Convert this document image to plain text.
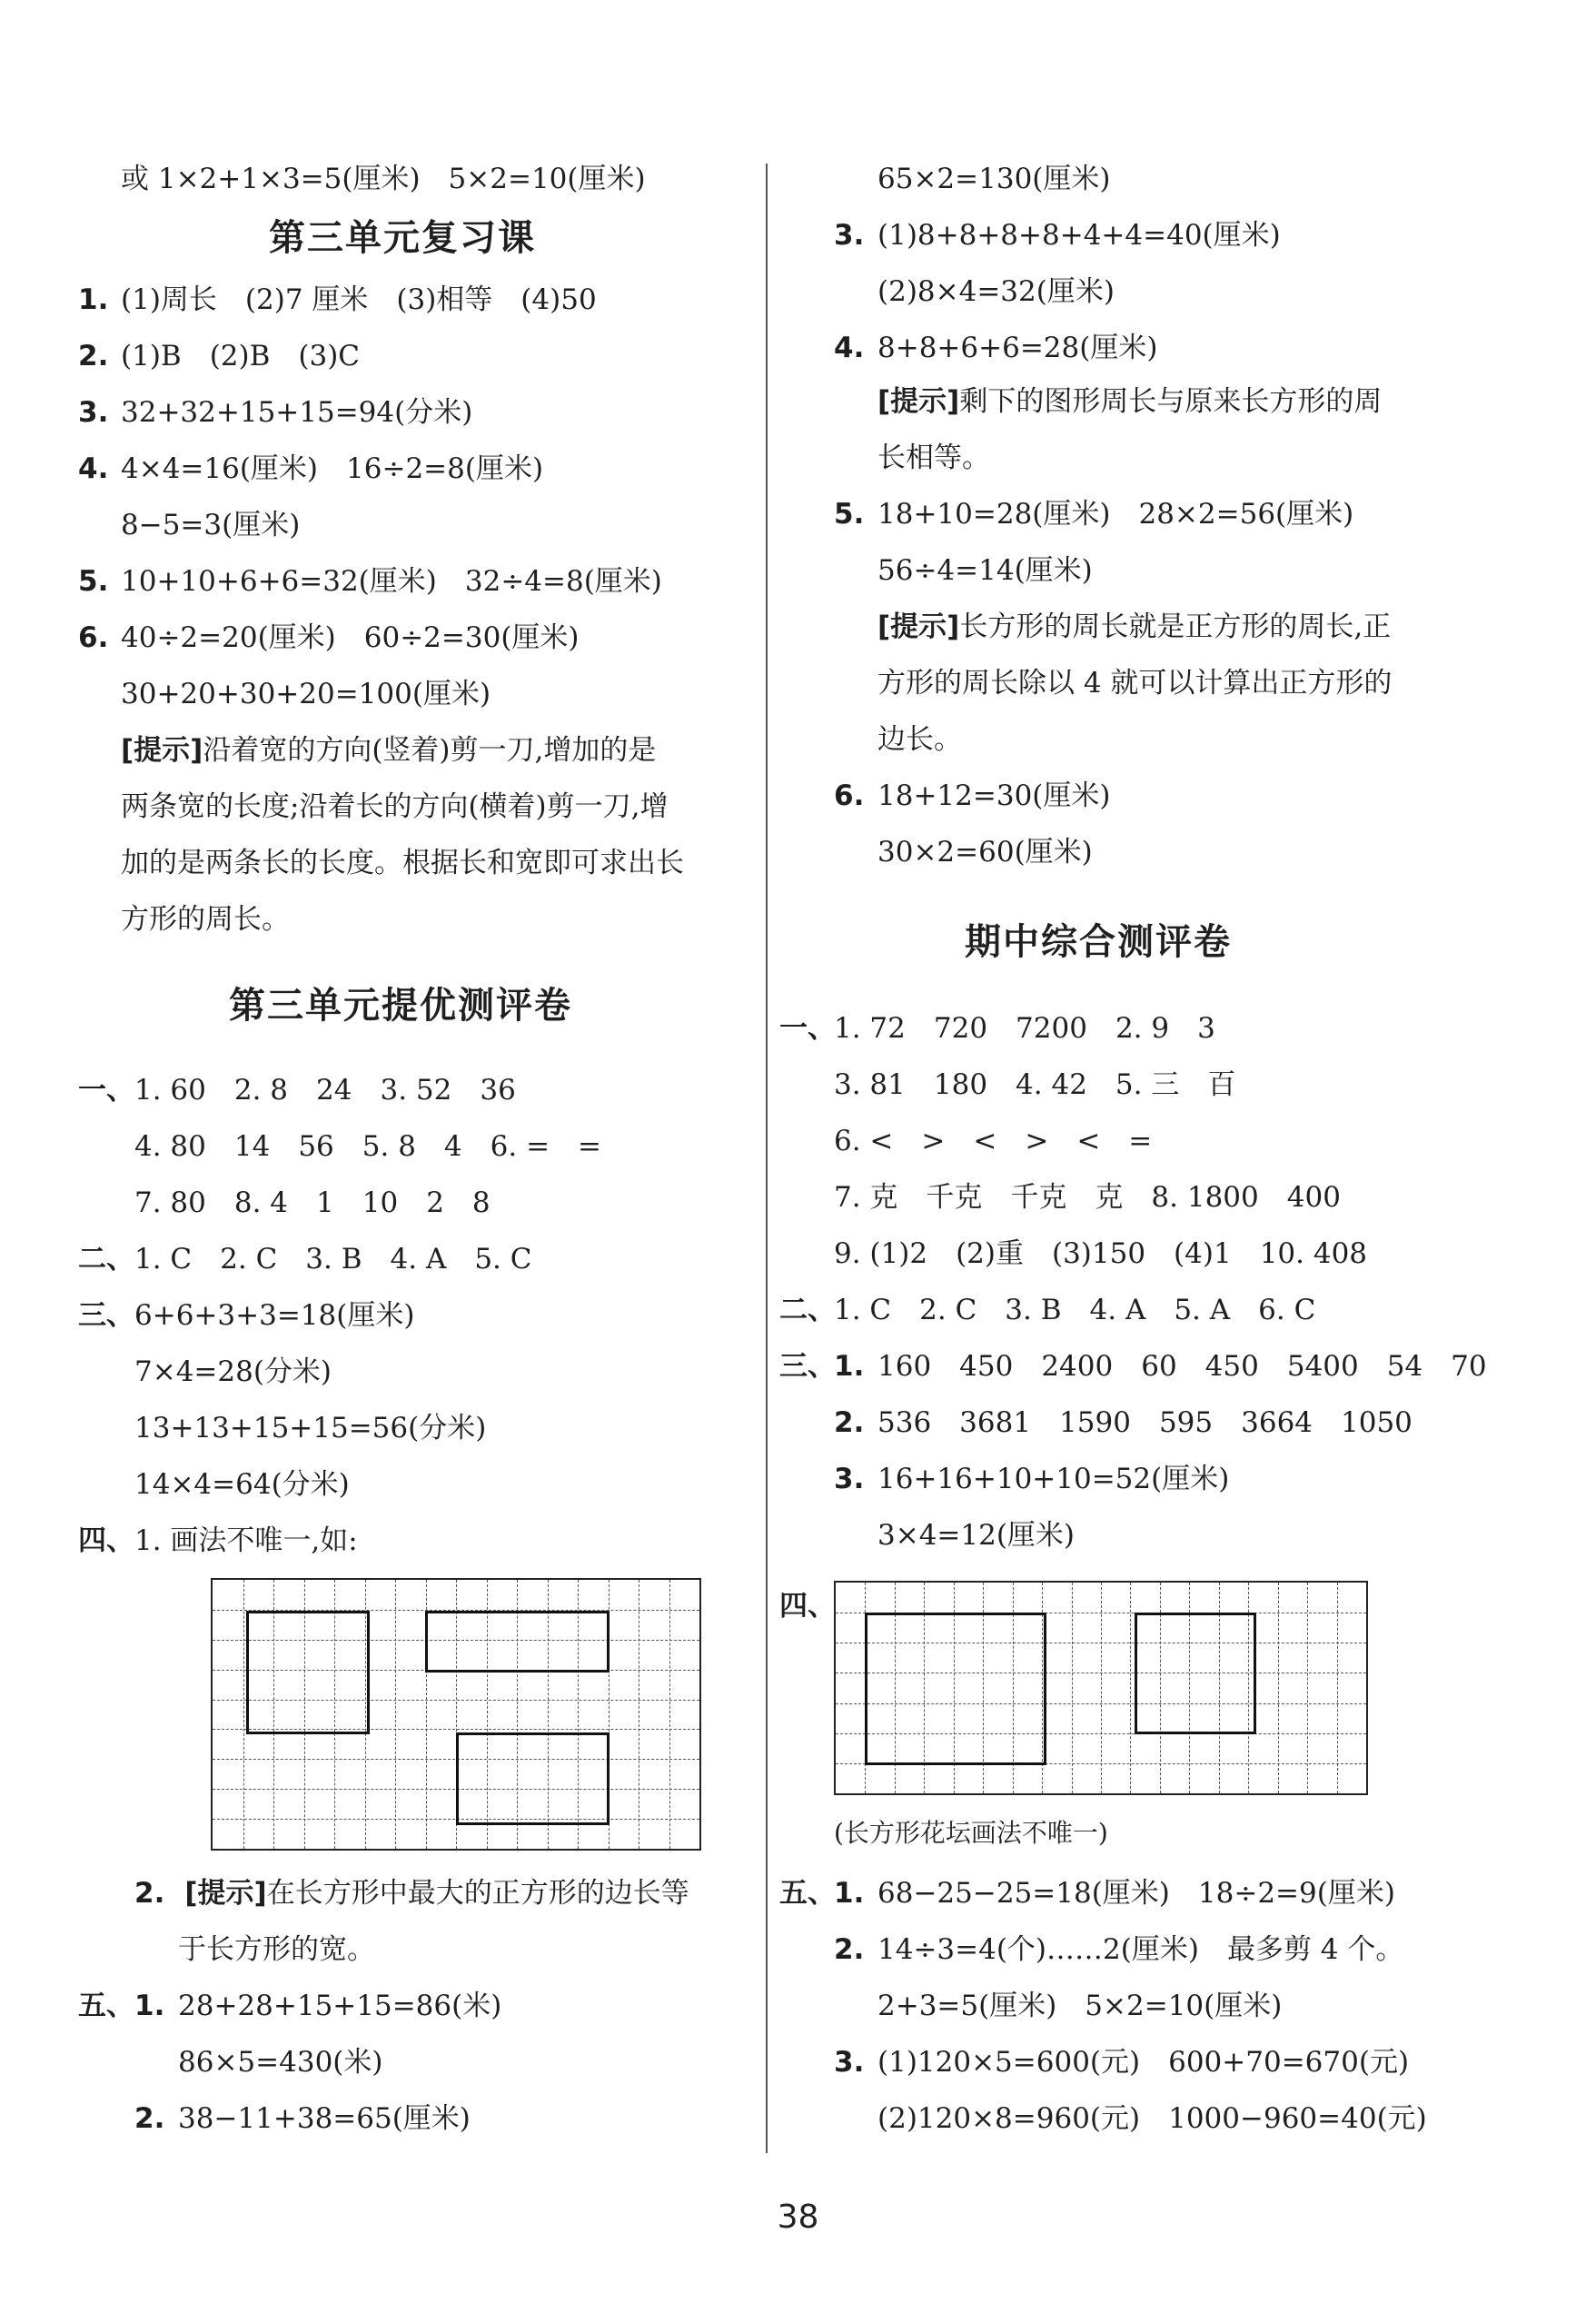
或 1×2+1×3=5(厘米)　5×2=10(厘米)
第三单元复习课
1. (1)周长　(2)7 厘米　(3)相等　(4)50
2. (1)B　(2)B　(3)C
3. 32+32+15+15=94(分米)
4. 4×4=16(厘米)　16÷2=8(厘米)
8−5=3(厘米)
5. 10+10+6+6=32(厘米)　32÷4=8(厘米)
6. 40÷2=20(厘米)　60÷2=30(厘米)
30+20+30+20=100(厘米)
[提示]沿着宽的方向(竖着)剪一刀,增加的是
两条宽的长度;沿着长的方向(横着)剪一刀,增
加的是两条长的长度。根据长和宽即可求出长
方形的周长。
第三单元提优测评卷
一、 1. 60　2. 8　24　3. 52　36
4. 80　14　56　5. 8　4　6. =　=
7. 80　8. 4　1　10　2　8
二、 1. C　2. C　3. B　4. A　5. C
三、 6+6+3+3=18(厘米)
7×4=28(分米)
13+13+15+15=56(分米)
14×4=64(分米)
四、 1. 画法不唯一,如:
2. [提示]在长方形中最大的正方形的边长等
于长方形的宽。
五、 1. 28+28+15+15=86(米)
86×5=430(米)
2. 38−11+38=65(厘米)
65×2=130(厘米)
3. (1)8+8+8+8+4+4=40(厘米)
(2)8×4=32(厘米)
4. 8+8+6+6=28(厘米)
[提示]剩下的图形周长与原来长方形的周
长相等。
5. 18+10=28(厘米)　28×2=56(厘米)
56÷4=14(厘米)
[提示]长方形的周长就是正方形的周长,正
方形的周长除以 4 就可以计算出正方形的
边长。
6. 18+12=30(厘米)
30×2=60(厘米)
期中综合测评卷
一、
1. 72　720　7200　2. 9　3
3. 81　180　4. 42　5. 三　百
6. <　>　<　>　<　=
7. 克　千克　千克　克　8. 1800　400
9. (1)2　(2)重　(3)150　(4)1　10. 408
二、
1. C　2. C　3. B　4. A　5. A　6. C
三、
1. 160　450　2400　60　450　5400　54　70
2. 536　3681　1590　595　3664　1050
3. 16+16+10+10=52(厘米)
3×4=12(厘米)
四、
(长方形花坛画法不唯一)
五、
1. 68−25−25=18(厘米)　18÷2=9(厘米)
2. 14÷3=4(个)……2(厘米)　最多剪 4 个。
2+3=5(厘米)　5×2=10(厘米)
3. (1)120×5=600(元)　600+70=670(元)
(2)120×8=960(元)　1000−960=40(元)
38
